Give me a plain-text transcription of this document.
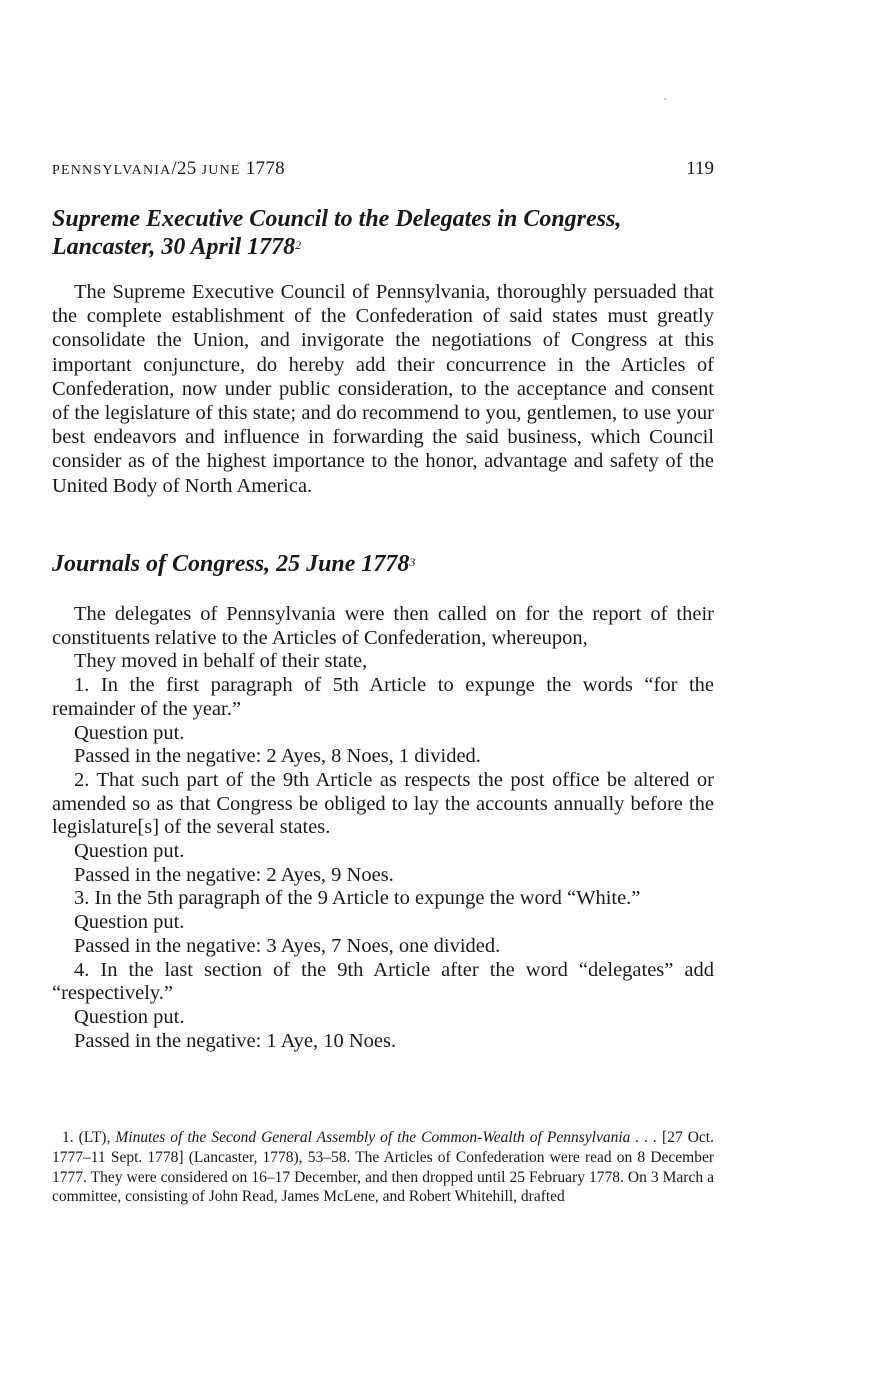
PENNSYLVANIA/25 JUNE 1778	119
Supreme Executive Council to the Delegates in Congress,
Lancaster, 30 April 1778$^2$

The Supreme Executive Council of Pennsylvania, thoroughly persuaded that the complete establishment of the Confederation of said states must greatly consolidate the Union, and invigorate the negotiations of Congress at this important conjuncture, do hereby add their concurrence in the Articles of Confederation, now under public consideration, to the acceptance and consent of the legislature of this state; and do recommend to you, gentlemen, to use your best endeavors and influence in forwarding the said business, which Council consider as of the highest importance to the honor, advantage and safety of the United Body of North America.

Journals of Congress, 25 June 1778$^3$

The delegates of Pennsylvania were then called on for the report of their constituents relative to the Articles of Confederation, whereupon,

They moved in behalf of their state,

1. In the first paragraph of 5th Article to expunge the words “for the remainder of the year.”

Question put.

Passed in the negative: 2 Ayes, 8 Noes, 1 divided.

2. That such part of the 9th Article as respects the post office be altered or amended so as that Congress be obliged to lay the accounts annually before the legislature[s] of the several states.

Question put.

Passed in the negative: 2 Ayes, 9 Noes.

3. In the 5th paragraph of the 9 Article to expunge the word “White.”

Question put.

Passed in the negative: 3 Ayes, 7 Noes, one divided.

4. In the last section of the 9th Article after the word “delegates” add “respectively.”

Question put.

Passed in the negative: 1 Aye, 10 Noes.

1. (LT), Minutes of the Second General Assembly of the Common-Wealth of Pennsylvania . . . [27 Oct. 1777–11 Sept. 1778] (Lancaster, 1778), 53–58. The Articles of Confederation were read on 8 December 1777. They were considered on 16–17 December, and then dropped until 25 February 1778. On 3 March a committee, consisting of John Read, James McLene, and Robert Whitehill, drafted
